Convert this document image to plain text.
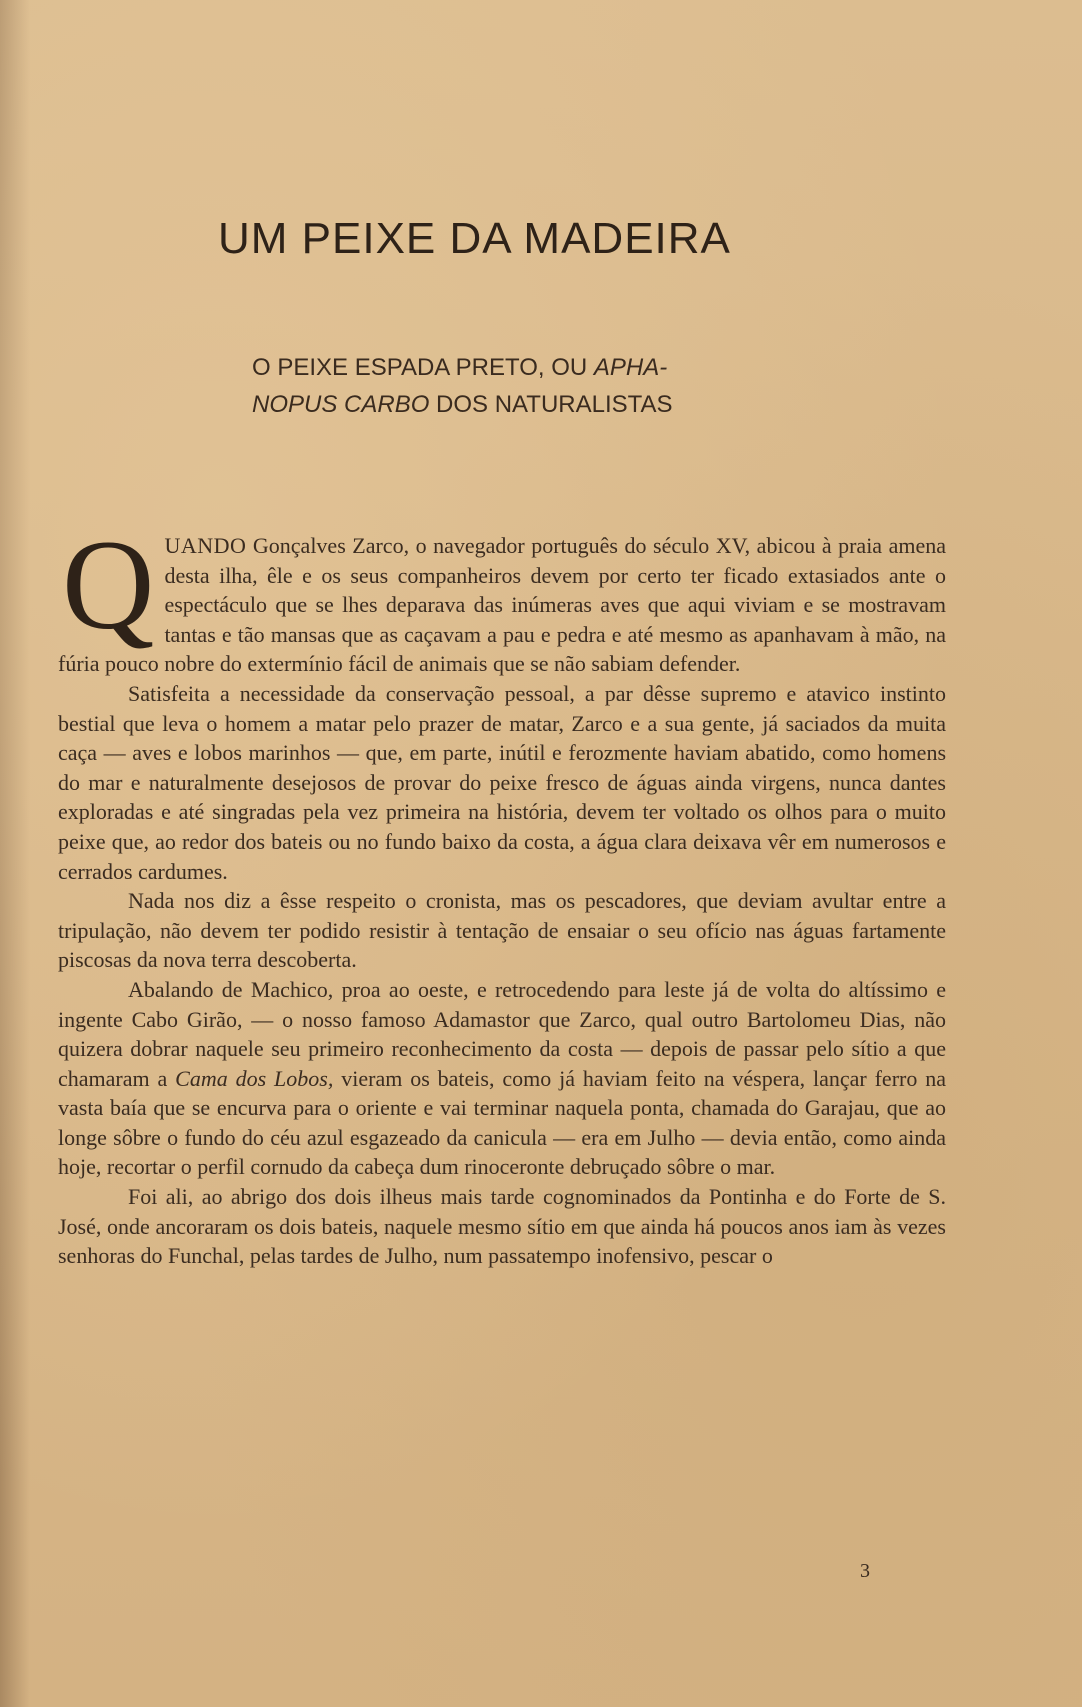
UM PEIXE DA MADEIRA
O PEIXE ESPADA PRETO, OU APHA-
NOPUS CARBO DOS NATURALISTAS

QUANDO Gonçalves Zarco, o navegador português do século XV, abicou à praia amena desta ilha, êle e os seus companheiros devem por certo ter ficado extasiados ante o espectáculo que se lhes deparava das inúmeras aves que aqui viviam e se mostravam tantas e tão mansas que as caçavam a pau e pedra e até mesmo as apanhavam à mão, na fúria pouco nobre do extermínio fácil de animais que se não sabiam defender.

Satisfeita a necessidade da conservação pessoal, a par dêsse supremo e atavico instinto bestial que leva o homem a matar pelo prazer de matar, Zarco e a sua gente, já saciados da muita caça — aves e lobos marinhos — que, em parte, inútil e ferozmente haviam abatido, como homens do mar e naturalmente desejosos de provar do peixe fresco de águas ainda virgens, nunca dantes exploradas e até singradas pela vez primeira na história, devem ter voltado os olhos para o muito peixe que, ao redor dos bateis ou no fundo baixo da costa, a água clara deixava vêr em numerosos e cerrados cardumes.

Nada nos diz a êsse respeito o cronista, mas os pescadores, que deviam avultar entre a tripulação, não devem ter podido resistir à tentação de ensaiar o seu ofício nas águas fartamente piscosas da nova terra descoberta.

Abalando de Machico, proa ao oeste, e retrocedendo para leste já de volta do altíssimo e ingente Cabo Girão, — o nosso famoso Adamastor que Zarco, qual outro Bartolomeu Dias, não quizera dobrar naquele seu primeiro reconhecimento da costa — depois de passar pelo sítio a que chamaram a Cama dos Lobos, vieram os bateis, como já haviam feito na véspera, lançar ferro na vasta baía que se encurva para o oriente e vai terminar naquela ponta, chamada do Garajau, que ao longe sôbre o fundo do céu azul esgazeado da canicula — era em Julho — devia então, como ainda hoje, recortar o perfil cornudo da cabeça dum rinoceronte debruçado sôbre o mar.

Foi ali, ao abrigo dos dois ilheus mais tarde cognominados da Pontinha e do Forte de S. José, onde ancoraram os dois bateis, naquele mesmo sítio em que ainda há poucos anos iam às vezes senhoras do Funchal, pelas tardes de Julho, num passatempo inofensivo, pescar o

3
